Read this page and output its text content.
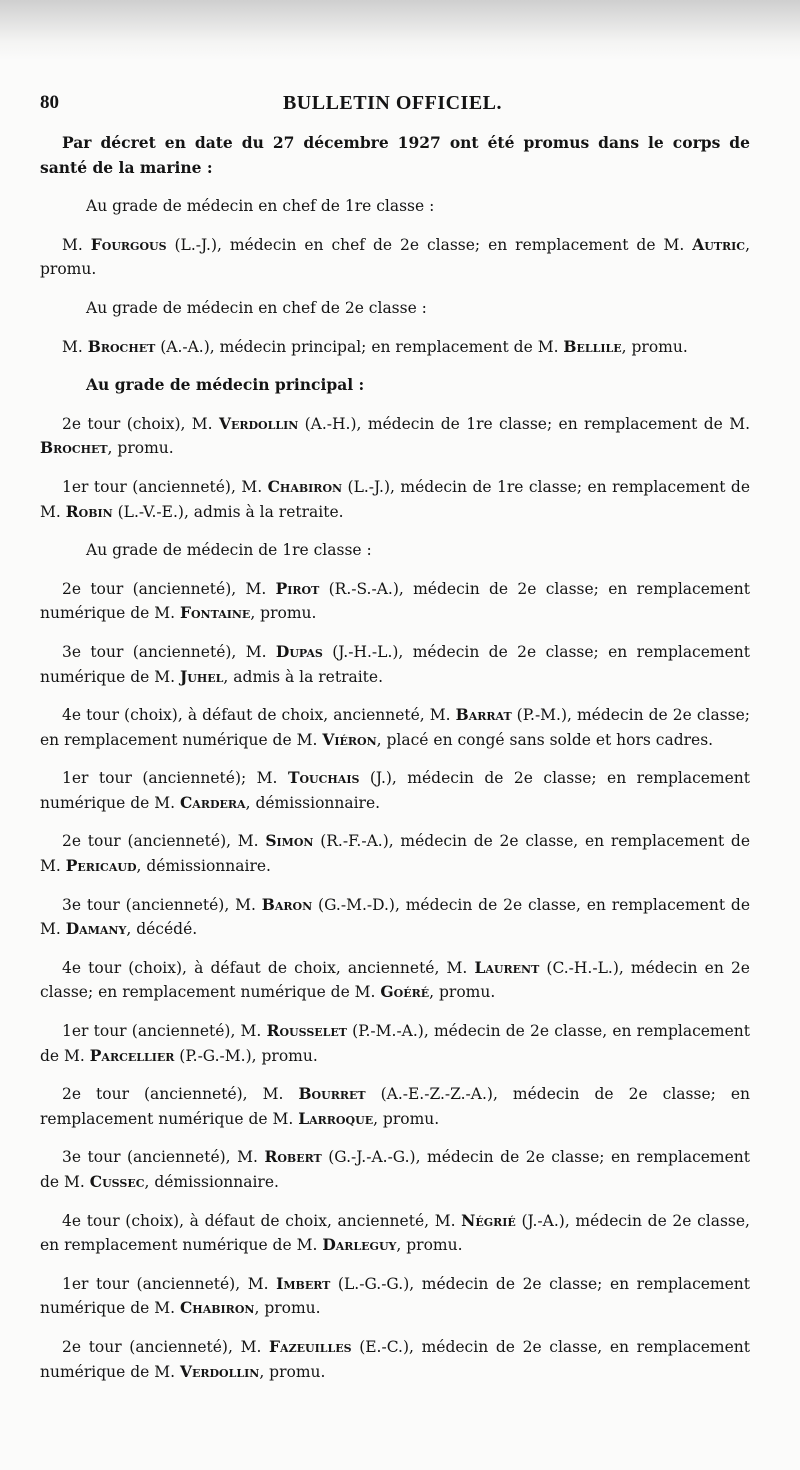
80	BULLETIN OFFICIEL.

Par décret en date du 27 décembre 1927 ont été promus dans le corps de santé de la marine :

Au grade de médecin en chef de 1re classe :

M. Fourgous (L.-J.), médecin en chef de 2e classe; en remplacement de M. Autric, promu.

Au grade de médecin en chef de 2e classe :

M. Brochet (A.-A.), médecin principal; en remplacement de M. Bellile, promu.

Au grade de médecin principal :

2e tour (choix), M. Verdollin (A.-H.), médecin de 1re classe; en remplacement de M. Brochet, promu.

1er tour (ancienneté), M. Chabiron (L.-J.), médecin de 1re classe; en remplacement de M. Robin (L.-V.-E.), admis à la retraite.

Au grade de médecin de 1re classe :

2e tour (ancienneté), M. Pirot (R.-S.-A.), médecin de 2e classe; en remplacement numérique de M. Fontaine, promu.

3e tour (ancienneté), M. Dupas (J.-H.-L.), médecin de 2e classe; en remplacement numérique de M. Juhel, admis à la retraite.

4e tour (choix), à défaut de choix, ancienneté, M. Barrat (P.-M.), médecin de 2e classe; en remplacement numérique de M. Viéron, placé en congé sans solde et hors cadres.

1er tour (ancienneté); M. Touchais (J.), médecin de 2e classe; en remplacement numérique de M. Cardera, démissionnaire.

2e tour (ancienneté), M. Simon (R.-F.-A.), médecin de 2e classe, en remplacement de M. Pericaud, démissionnaire.

3e tour (ancienneté), M. Baron (G.-M.-D.), médecin de 2e classe, en remplacement de M. Damany, décédé.

4e tour (choix), à défaut de choix, ancienneté, M. Laurent (C.-H.-L.), médecin en 2e classe; en remplacement numérique de M. Goéré, promu.

1er tour (ancienneté), M. Rousselet (P.-M.-A.), médecin de 2e classe, en remplacement de M. Parcellier (P.-G.-M.), promu.

2e tour (ancienneté), M. Bourret (A.-E.-Z.-Z.-A.), médecin de 2e classe; en remplacement numérique de M. Larroque, promu.

3e tour (ancienneté), M. Robert (G.-J.-A.-G.), médecin de 2e classe; en remplacement de M. Cussec, démissionnaire.

4e tour (choix), à défaut de choix, ancienneté, M. Négrié (J.-A.), médecin de 2e classe, en remplacement numérique de M. Darleguy, promu.

1er tour (ancienneté), M. Imbert (L.-G.-G.), médecin de 2e classe; en remplacement numérique de M. Chabiron, promu.

2e tour (ancienneté), M. Fazeuilles (E.-C.), médecin de 2e classe, en remplacement numérique de M. Verdollin, promu.
